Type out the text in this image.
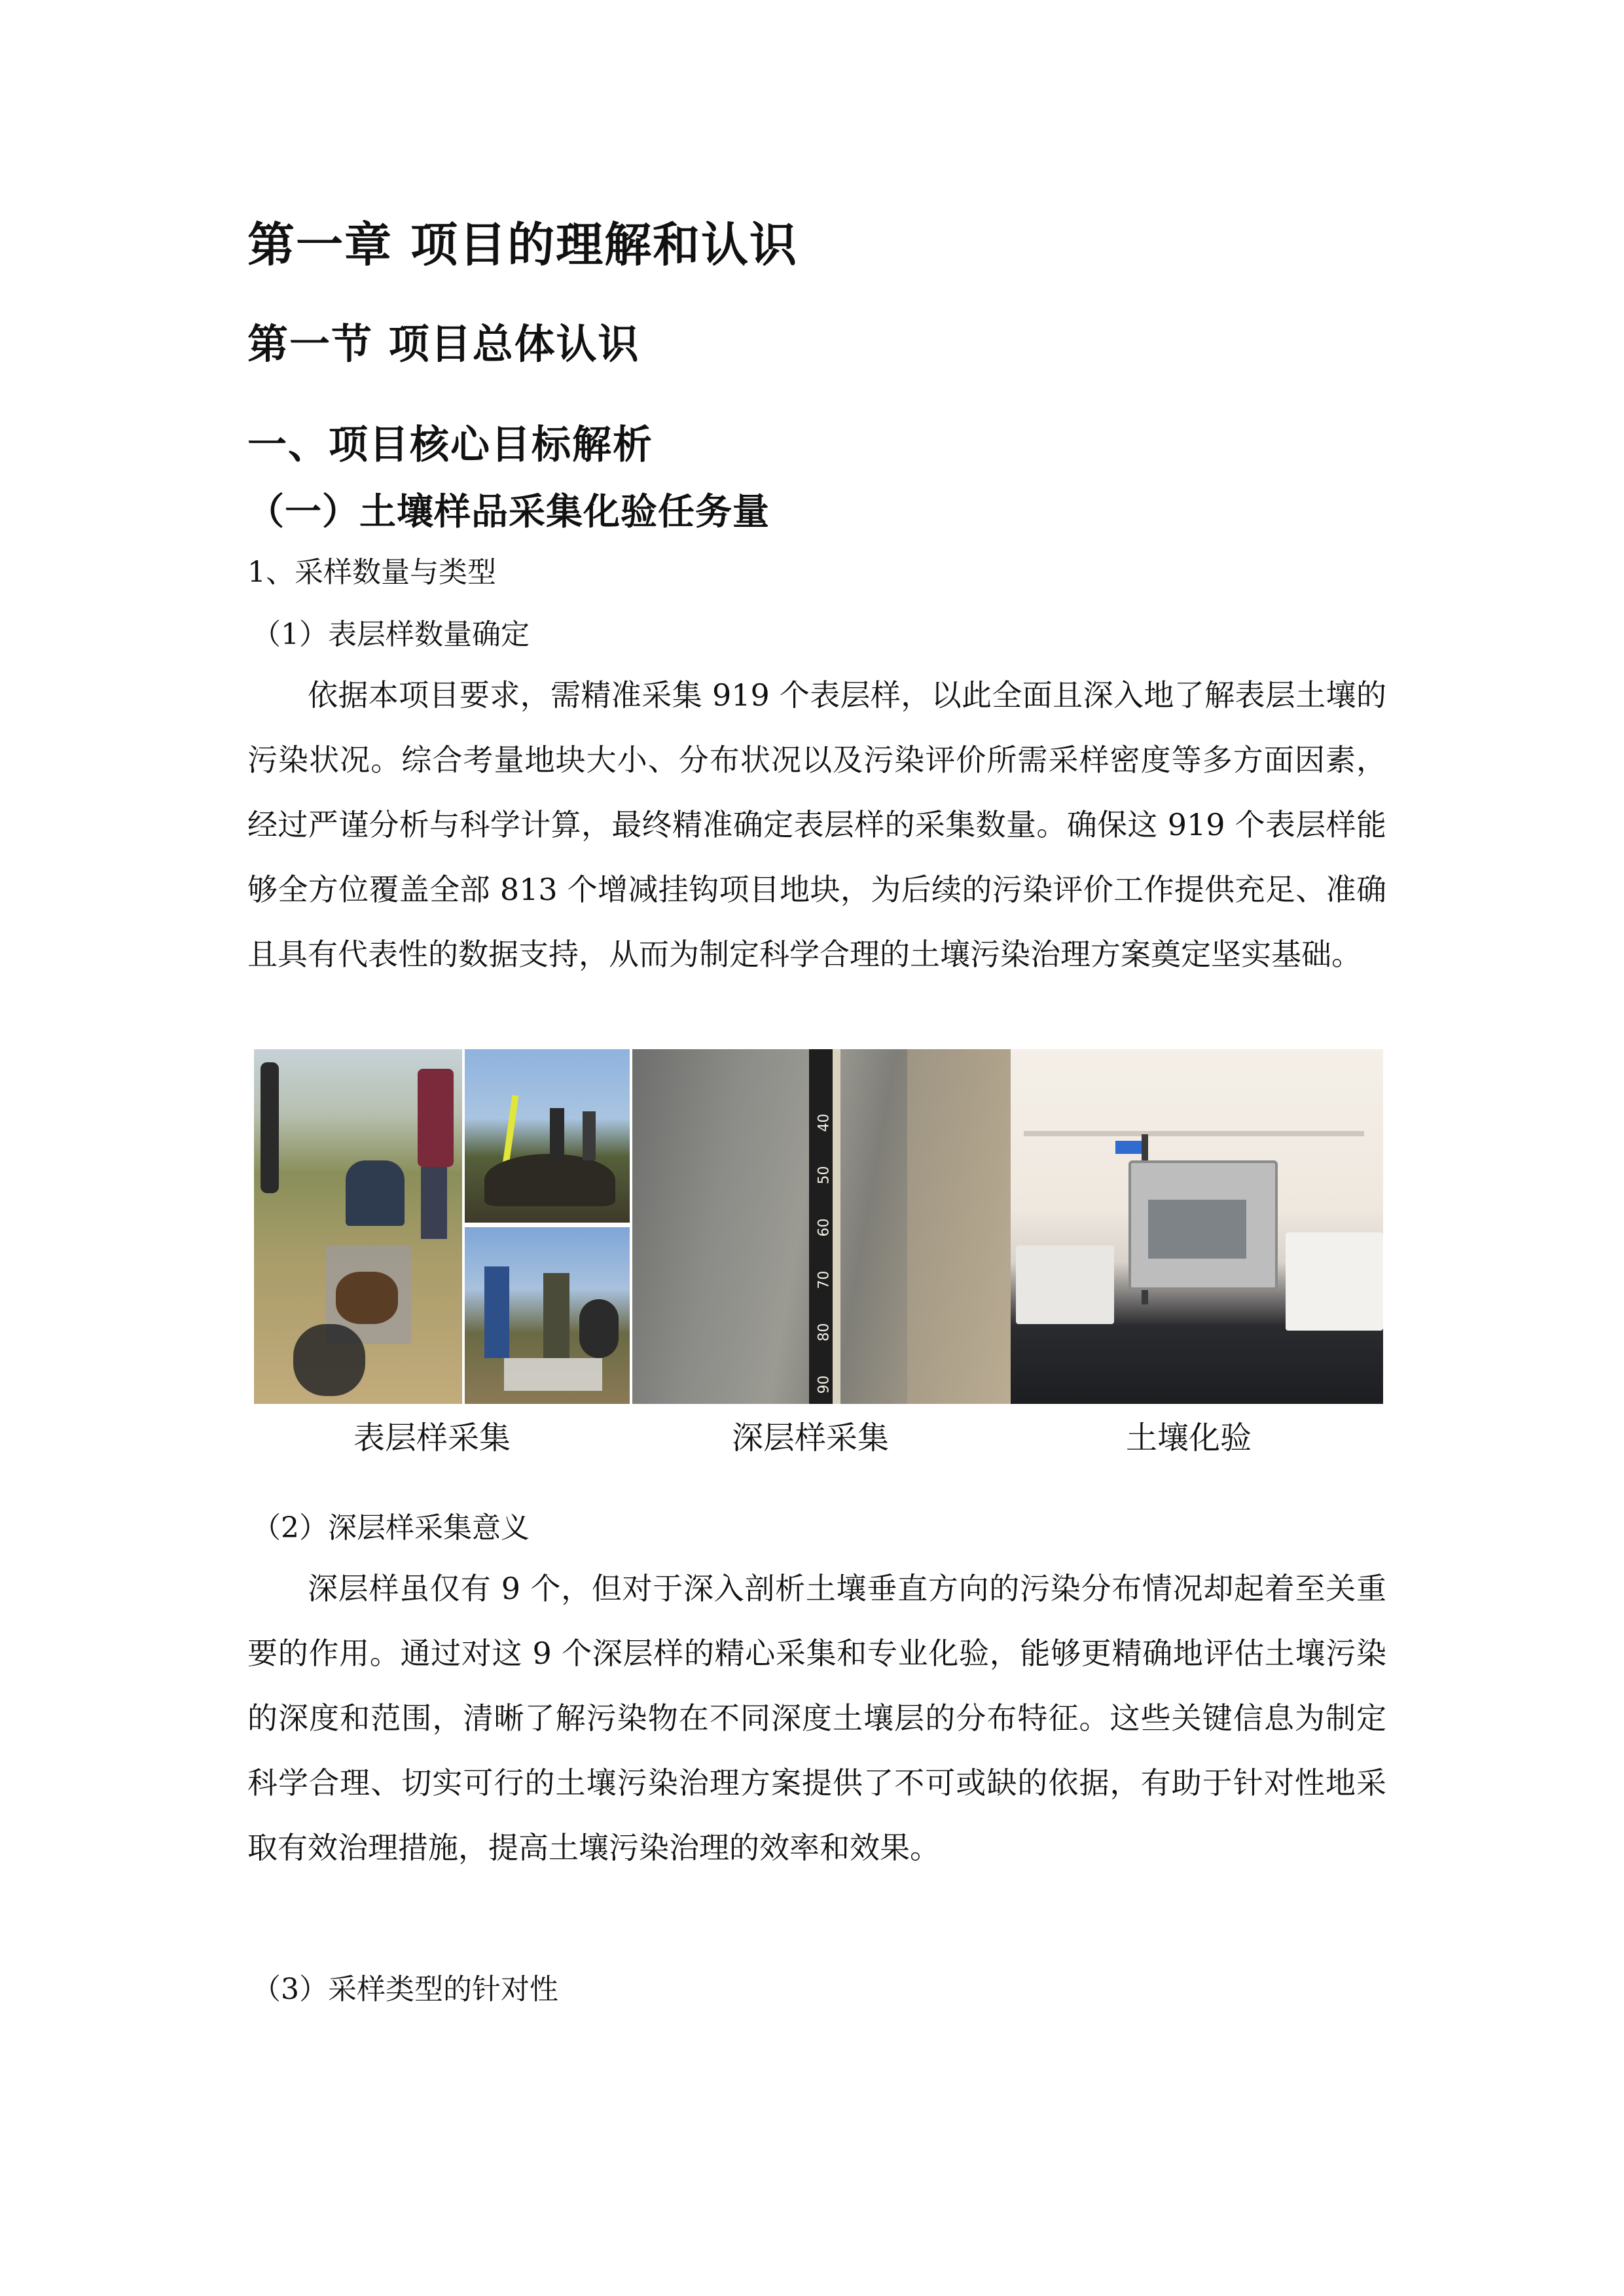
第一章 项目的理解和认识
第一节 项目总体认识
一、项目核心目标解析
（一）土壤样品采集化验任务量
1、采样数量与类型
（1）表层样数量确定

依据本项目要求，需精准采集 919 个表层样，以此全面且深入地了解表层土壤的污染状况。综合考量地块大小、分布状况以及污染评价所需采样密度等多方面因素，经过严谨分析与科学计算，最终精准确定表层样的采集数量。确保这 919 个表层样能够全方位覆盖全部 813 个增减挂钩项目地块，为后续的污染评价工作提供充足、准确且具有代表性的数据支持，从而为制定科学合理的土壤污染治理方案奠定坚实基础。

40
50
60
70
80
90
表层样采集	深层样采集	土壤化验
（2）深层样采集意义

深层样虽仅有 9 个，但对于深入剖析土壤垂直方向的污染分布情况却起着至关重要的作用。通过对这 9 个深层样的精心采集和专业化验，能够更精确地评估土壤污染的深度和范围，清晰了解污染物在不同深度土壤层的分布特征。这些关键信息为制定科学合理、切实可行的土壤污染治理方案提供了不可或缺的依据，有助于针对性地采取有效治理措施，提高土壤污染治理的效率和效果。

（3）采样类型的针对性
